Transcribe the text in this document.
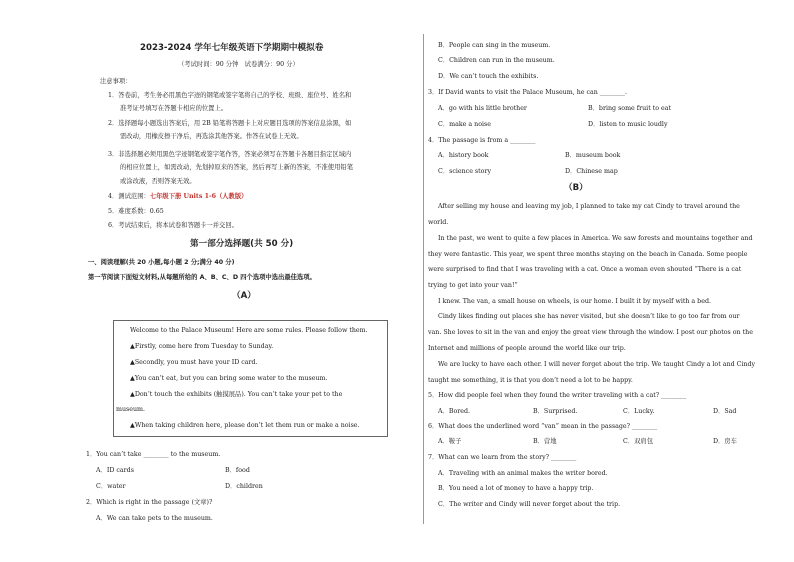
2023-2024 学年七年级英语下学期期中模拟卷
（考试时间：90 分钟　试卷满分：90 分）
注意事项：
1．答卷前，考生务必用黑色字迹的钢笔或签字笔将自己的学校、班级、座位号、姓名和
准考证号填写在答题卡相应的位置上。
2．选择题每小题选出答案后，用 2B 铅笔将答题卡上对应题目选项的答案信息涂黑，如
需改动，用橡皮擦干净后，再选涂其他答案。作答在试卷上无效。
3．非选择题必须用黑色字迹钢笔或签字笔作答，答案必须写在答题卡各题目指定区域内
的相应位置上，如需改动，先划掉原来的答案，然后再写上新的答案，不准使用铅笔
或涂改液，否则答案无效。
4．测试范围：七年级下册 Units 1-6（人教版）
5．难度系数：0.65
6．考试结束后，将本试卷和答题卡一并交回。
第一部分选择题(共 50 分)
一、阅读理解(共 20 小题,每小题 2 分;满分 40 分)
第一节阅读下面短文材料,从每题所给的 A、B、C、D 四个选项中选出最佳选项。
（A）
Welcome to the Palace Museum! Here are some rules. Please follow them.
▲Firstly, come here from Tuesday to Sunday.
▲Secondly, you must have your ID card.
▲You can’t eat, but you can bring some water to the museum.
▲Don’t touch the exhibits (触摸展品). You can’t take your pet to the
museum.
▲When taking children here, please don’t let them run or make a noise.
1．You can’t take ________ to the museum.
A．ID cards	B．food
C．water	D．children
2．Which is right in the passage (文章)?
A．We can take pets to the museum.
B．People can sing in the museum.
C．Children can run in the museum.
D．We can’t touch the exhibits.
3．If David wants to visit the Palace Museum, he can ________.
A．go with his little brother	B．bring some fruit to eat
C．make a noise	D．listen to music loudly
4．The passage is from a ________
A．history book	B．museum book
C．science story	D．Chinese map
（B）
After selling my house and leaving my job, I planned to take my cat Cindy to travel around the
world.
In the past, we went to quite a few places in America. We saw forests and mountains together and
they were fantastic. This year, we spent three months staying on the beach in Canada. Some people
were surprised to find that I was traveling with a cat. Once a woman even shouted “There is a cat
trying to get into your van!”
I knew. The van, a small house on wheels, is our home. I built it by myself with a bed.
Cindy likes finding out places she has never visited, but she doesn’t like to go too far from our
van. She loves to sit in the van and enjoy the great view through the window. I post our photos on the
Internet and millions of people around the world like our trip.
We are lucky to have each other. I will never forget about the trip. We taught Cindy a lot and Cindy
taught me something, it is that you don’t need a lot to be happy.
5．How did people feel when they found the writer traveling with a cat? ________
A．Bored.	B．Surprised.	C．Lucky.	D．Sad
6．What does the underlined word “van” mean in the passage? ________
A．鞍子	B．营地	C．双肩包	D．房车
7．What can we learn from the story? ________
A．Traveling with an animal makes the writer bored.
B．You need a lot of money to have a happy trip.
C．The writer and Cindy will never forget about the trip.
